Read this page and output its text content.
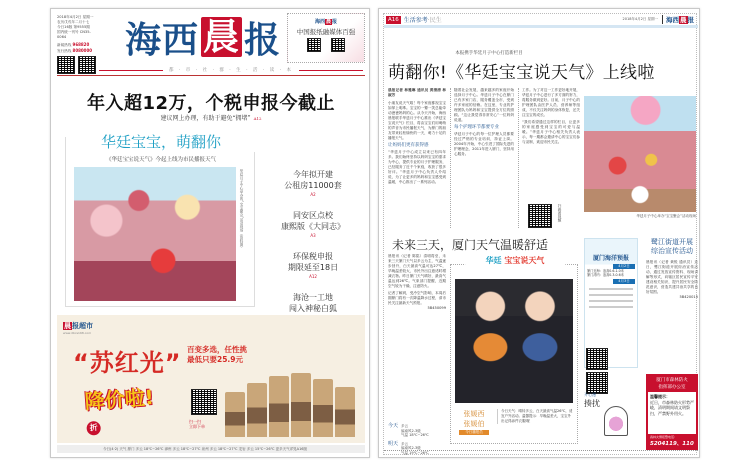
2018年4月2日 星期一
农历戊戌年二月十七
今日16版 第9555期
国内统一刊号 CN35-0064
新闻热线 968820
发行热线 8080000 海西 晨 报	海西晨报
中国报纸融媒体百强
都 · 市 · 社 · 群 · 生 · 活 · 读 · 本
年入超12万，个税申报今截止
建议网上办理，有助于避免“拥堵” A12
华廷宝宝，萌翻你
《华廷宝宝说天气》今起上线为市民播报天气
华廷月子中心举办的“宝宝聚会”活动现场（资料图）	今年拟开建
公租房11000套
A2
同安区点校
康熙版《大同志》
A3
环保税申报
期限延至18日
A12
海沧一工地
闯入神秘白狐
晨报超市
www.dbcs168.com
“苏红光” 百变多选，任性挑
最低只要25.9元
降价啦!折
扫一扫
立即下单
今日(4·2) 天气 厦门 多云 18℃~26℃ 漳州 多云 18℃~27℃ 泉州 多云 18℃~27℃ 龙岩 多云 15℃~26℃ 更多天气详见A16版
A16 生活参考·民生	2018年4月2日 星期一	海西晨报
本报携手华廷月子中心打造新栏目
萌翻你!《华廷宝宝说天气》上线啦
晨报记者 林雅琳 通讯员 黄清清 林淑芳
小朋友说天气啦！每个家庭都视宝宝如掌上明珠。宝宝的一颦一笑总能牵动爸爸妈妈的心。从今天开始，海西晨报联手华廷月子中心推出《华廷宝宝说天气》栏目，将由宝宝们用萌萌的声音为市民播报天气，为厦门的朋友带来轻松愉快的一天，萌力十足的播报天气。
让妈妈们更有获得感
“华廷月子中心成立以来已有四年多。我们始终坚持以妈妈宝宝的需求为中心，提供专业的月子护理服务，已经服务了近千个家庭，收获了很多好评。”华廷月子中心负责人介绍说，为了让更多的妈妈和宝宝感受到温暖，中心推出了一系列活动。
随着社会发展，越来越多的家庭开始选择月子中心。华廷月子中心在厦门已有多家门店，服务覆盖全市，受到许多家庭的信赖。在这里，专业的护理团队为妈妈和宝宝提供全方位的照顾。“这让我觉得非常安心”一位妈妈说道。
每个护理环节都要专业
华廷月子中心的每一位护理人员都要经过严格的专业培训，持证上岗。2004年开始，中心引进了国际先进的护理理念，2011年进入厦门，坚持用心服务。
工作。为了对这一工作更好地开展，华廷月子中心进行了多方面的努力，将服务做到更好。目前，月子中心的护理团队由医护人员、营养师等组成，不仅关注妈妈的身体恢复，还关注宝宝的成长。
“我们希望通过这样的栏目，让更多的家庭感受到宝宝的可爱与温暖。”华廷月子中心相关负责人表示，每一期都会邀请中心的宝宝们参与录制，欢迎市民关注。
扫码看视频	华廷月子中心举办“宝宝聚会”活动现场
未来三天，厦门天气温暖舒适
晨报讯（记者 陈铭）清明将至，未来三天厦门天气以多云为主，气温逐步回升，白天最高气温可达27℃，早晚温差较大，市民外出注意适时增减衣物。昨日厦门天气晴好，最高气温达到26℃。气象部门提醒，近期空气较为干燥，注意防火。
记者了解到，受冷空气影响，本周后期厦门将有一次降温降水过程，请市民关注最新天气预报。
5B450099
今天 多云
偏南风2-3级
气温 18℃~26℃
明天 多云
偏南风2-3级
气温 19℃~26℃
华廷 宝宝说天气
张媛西
张媛伯
今日播报员
今日天气：晴转多云，白天最高气温26℃，适宜户外活动。温馨提示：早晚温差大，宝宝外出记得添件衣服哦！
厦门海洋预报
4月2日
厦门近海：浪高0.6-1.0米
厦门湾内：浪高0.3-0.6米
4月3日
开心漫
揍扰
鹭江街道开展
综治宣传活动
晨报讯（记者 黄锐 通讯员）近日，鹭江街道开展综治宣传活动，通过发放宣传资料、现场讲解等形式，向辖区居民宣传平安建设相关知识，提升居民安全防范意识，营造共建共治共享的良好氛围。
5B420015
厦门市森林防火
指挥部办公室
温馨提示：
近日，市森林防火形势严峻，清明期间请文明祭扫，严禁野外用火。
森林火情报警电话：
5204119、110
